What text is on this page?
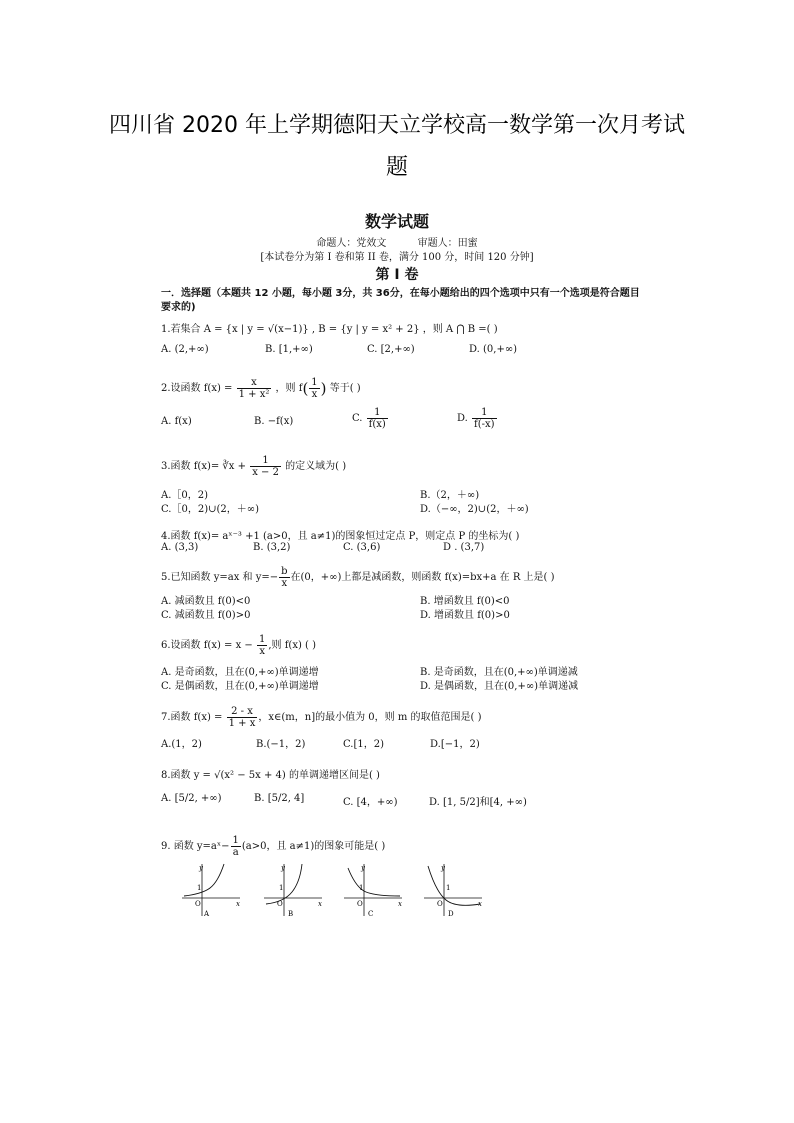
四川省 2020 年上学期德阳天立学校高一数学第一次月考试
题
数学试题
命题人：党效文	审题人：田蜜
[本试卷分为第 I 卷和第 II 卷，满分 100 分，时间 120 分钟]
第 I 卷
一．选择题（本题共 12 小题，每小题 3分，共 36分，在每小题给出的四个选项中只有一个选项是符合题目要求的)
1.若集合 A = {x | y = √(x−1)} , B = {y | y = x² + 2} ，则 A ⋂ B =( )
A. (2,+∞)	B. [1,+∞)	C. [2,+∞)	D. (0,+∞)
2.设函数 $f(x) = \frac{x}{\text{1 + x²}}$ ，则 $f( \frac{1}{x}$ ) 等于( )
A. f(x)	B. −f(x)	C. $\frac{1}{f(x)}$	D. $\frac{1}{f(-x)}$
3.函数 f(x)= ∛x + $\frac{1}{x - 2}$ 的定义域为( )
A.［0，2)	B.（2，＋∞)
C.［0，2)∪(2，＋∞)	D.（−∞，2)∪(2，＋∞)
4.函数 f(x)= aˣ⁻³ +1 (a>0，且 a≠1)的图象恒过定点 P，则定点 P 的坐标为( )
A. (3,3)	B. (3,2)	C. (3,6)	D . (3,7)
5.已知函数 y=ax 和 $y=- \frac{b}{x}$ 在(0，+∞)上都是减函数，则函数 f(x)=bx+a 在 R 上是( )
A. 减函数且 f(0)<0	B. 增函数且 f(0)<0
C. 减函数且 f(0)>0	D. 增函数且 f(0)>0
6.设函数 $f(x) = x - \frac{1}{x}$ ,则 f(x) ( )
A. 是奇函数，且在(0,+∞)单调递增	B. 是奇函数，且在(0,+∞)单调递减
C. 是偶函数，且在(0,+∞)单调递增	D. 是偶函数，且在(0,+∞)单调递减
7.函数 $f(x) = \frac{2 - x}{1 + x}$ ，x∈(m，n]的最小值为 0，则 m 的取值范围是( )
A.(1，2)	B.(−1，2)	C.[1，2)	D.[−1，2)
8.函数 y = √(x² − 5x + 4) 的单调递增区间是( )
A. [5/2, +∞)	B. [5/2, 4]	C. [4，+∞)	D. [1, 5/2]和[4, +∞)
9. 函数 y=aˣ− $\frac{1}{a} (a>0$，且 a≠1)的图象可能是( )
y
x
O
1
A
y
x
O
1
B
y
x
O
1
C
y
x
O
1
D
